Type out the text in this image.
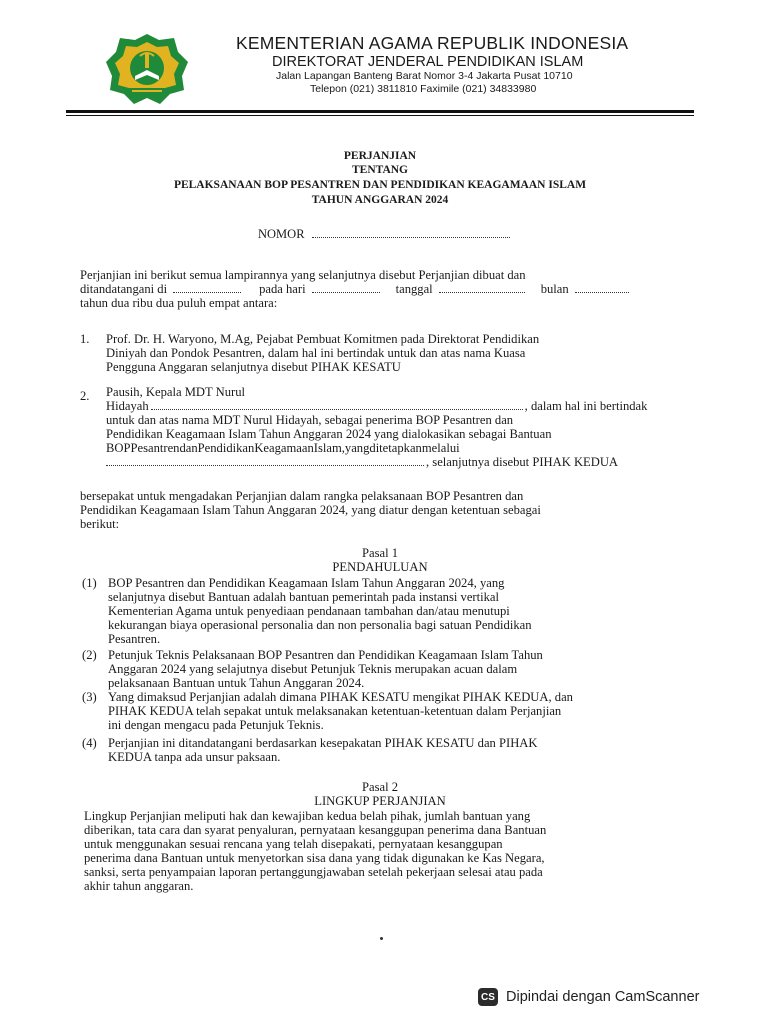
KEMENTERIAN AGAMA REPUBLIK INDONESIA
DIREKTORAT JENDERAL PENDIDIKAN ISLAM
Jalan Lapangan Banteng Barat Nomor 3-4 Jakarta Pusat 10710
Telepon (021) 3811810 Faximile (021) 34833980
PERJANJIAN
TENTANG
PELAKSANAAN BOP PESANTREN DAN PENDIDIKAN KEAGAMAAN ISLAM
TAHUN ANGGARAN 2024
NOMOR
Perjanjian ini berikut semua lampirannya yang selanjutnya disebut Perjanjian dibuat dan
ditandatangani di	pada hari	tanggal	bulan
tahun dua ribu dua puluh empat antara:
1. Prof. Dr. H. Waryono, M.Ag, Pejabat Pembuat Komitmen pada Direktorat Pendidikan
Diniyah dan Pondok Pesantren, dalam hal ini bertindak untuk dan atas nama Kuasa
Pengguna Anggaran selanjutnya disebut PIHAK KESATU
2. Pausih, Kepala MDT Nurul
Hidayah	, dalam hal ini bertindak
untuk dan atas nama MDT Nurul Hidayah, sebagai penerima BOP Pesantren dan
Pendidikan Keagamaan Islam Tahun Anggaran 2024 yang dialokasikan sebagai Bantuan
BOPPesantrendanPendidikanKeagamaanIslam,yangditetapkanmelalui
, selanjutnya disebut PIHAK KEDUA
bersepakat untuk mengadakan Perjanjian dalam rangka pelaksanaan BOP Pesantren dan
Pendidikan Keagamaan Islam Tahun Anggaran 2024, yang diatur dengan ketentuan sebagai
berikut:
Pasal 1
PENDAHULUAN
(1) BOP Pesantren dan Pendidikan Keagamaan Islam Tahun Anggaran 2024, yang
selanjutnya disebut Bantuan adalah bantuan pemerintah pada instansi vertikal
Kementerian Agama untuk penyediaan pendanaan tambahan dan/atau menutupi
kekurangan biaya operasional personalia dan non personalia bagi satuan Pendidikan
Pesantren.
(2) Petunjuk Teknis Pelaksanaan BOP Pesantren dan Pendidikan Keagamaan Islam Tahun
Anggaran 2024 yang selajutnya disebut Petunjuk Teknis merupakan acuan dalam
pelaksanaan Bantuan untuk Tahun Anggaran 2024.
(3) Yang dimaksud Perjanjian adalah dimana PIHAK KESATU mengikat PIHAK KEDUA, dan
PIHAK KEDUA telah sepakat untuk melaksanakan ketentuan-ketentuan dalam Perjanjian
ini dengan mengacu pada Petunjuk Teknis.
(4) Perjanjian ini ditandatangani berdasarkan kesepakatan PIHAK KESATU dan PIHAK
KEDUA tanpa ada unsur paksaan.
Pasal 2
LINGKUP PERJANJIAN
Lingkup Perjanjian meliputi hak dan kewajiban kedua belah pihak, jumlah bantuan yang
diberikan, tata cara dan syarat penyaluran, pernyataan kesanggupan penerima dana Bantuan
untuk menggunakan sesuai rencana yang telah disepakati, pernyataan kesanggupan
penerima dana Bantuan untuk menyetorkan sisa dana yang tidak digunakan ke Kas Negara,
sanksi, serta penyampaian laporan pertanggungjawaban setelah pekerjaan selesai atau pada
akhir tahun anggaran.
CS Dipindai dengan CamScanner
